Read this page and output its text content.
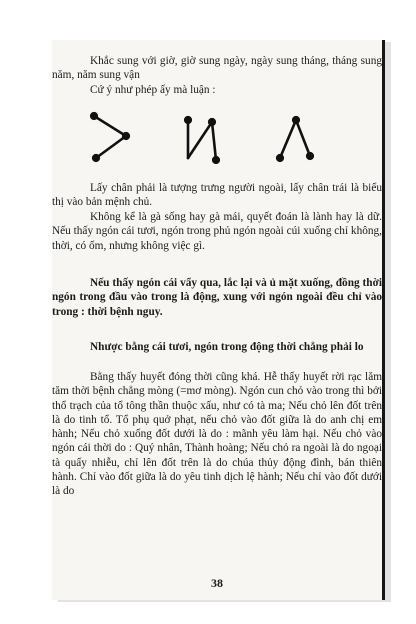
Khắc sung với giờ, giờ sung ngày, ngày sung tháng, tháng sung năm, năm sung vận
Cứ ý như phép ấy mà luận :

Lấy chân phải là tượng trưng người ngoài, lấy chân trái là biểu thị vào bản mệnh chủ.

Không kể là gà sống hay gà mái, quyết đoán là lành hay là dữ. Nếu thấy ngón cái tươi, ngón trong phủ ngón ngoài cúi xuống chỉ không, thời, có ốm, nhưng không việc gì.

Nếu thấy ngón cái vẩy qua, lắc lại và ủ mặt xuống, đồng thời ngón trong đầu vào trong là động, xung với ngón ngoài đều chỉ vào trong : thời bệnh nguy.

Nhược bằng cái tươi, ngón trong động thời chẳng phải lo

Bằng thấy huyết đóng thời cũng khá. Hễ thấy huyết rời rạc lăm tăm thời bệnh chẳng mòng (=mơ mòng). Ngón cun chỏ vào trong thì bởi thổ trạch của tổ tông thần thuộc xấu, như có tà ma; Nếu chỏ lên đốt trên là do tinh tổ. Tổ phụ quở phạt, nếu chỏ vào đốt giữa là do anh chị em hành; Nếu chỏ xuống đốt dưới là do : mãnh yêu làm hại. Nếu chỏ vào ngón cái thời do : Quý nhân, Thành hoàng; Nếu chỏ ra ngoài là do ngoại tà quấy nhiễu, chỉ lên đốt trên là do chúa thủy động đình, bán thiên hành. Chỉ vào đốt giữa là do yêu tinh dịch lệ hành; Nếu chỉ vào đốt dưới là do

38
